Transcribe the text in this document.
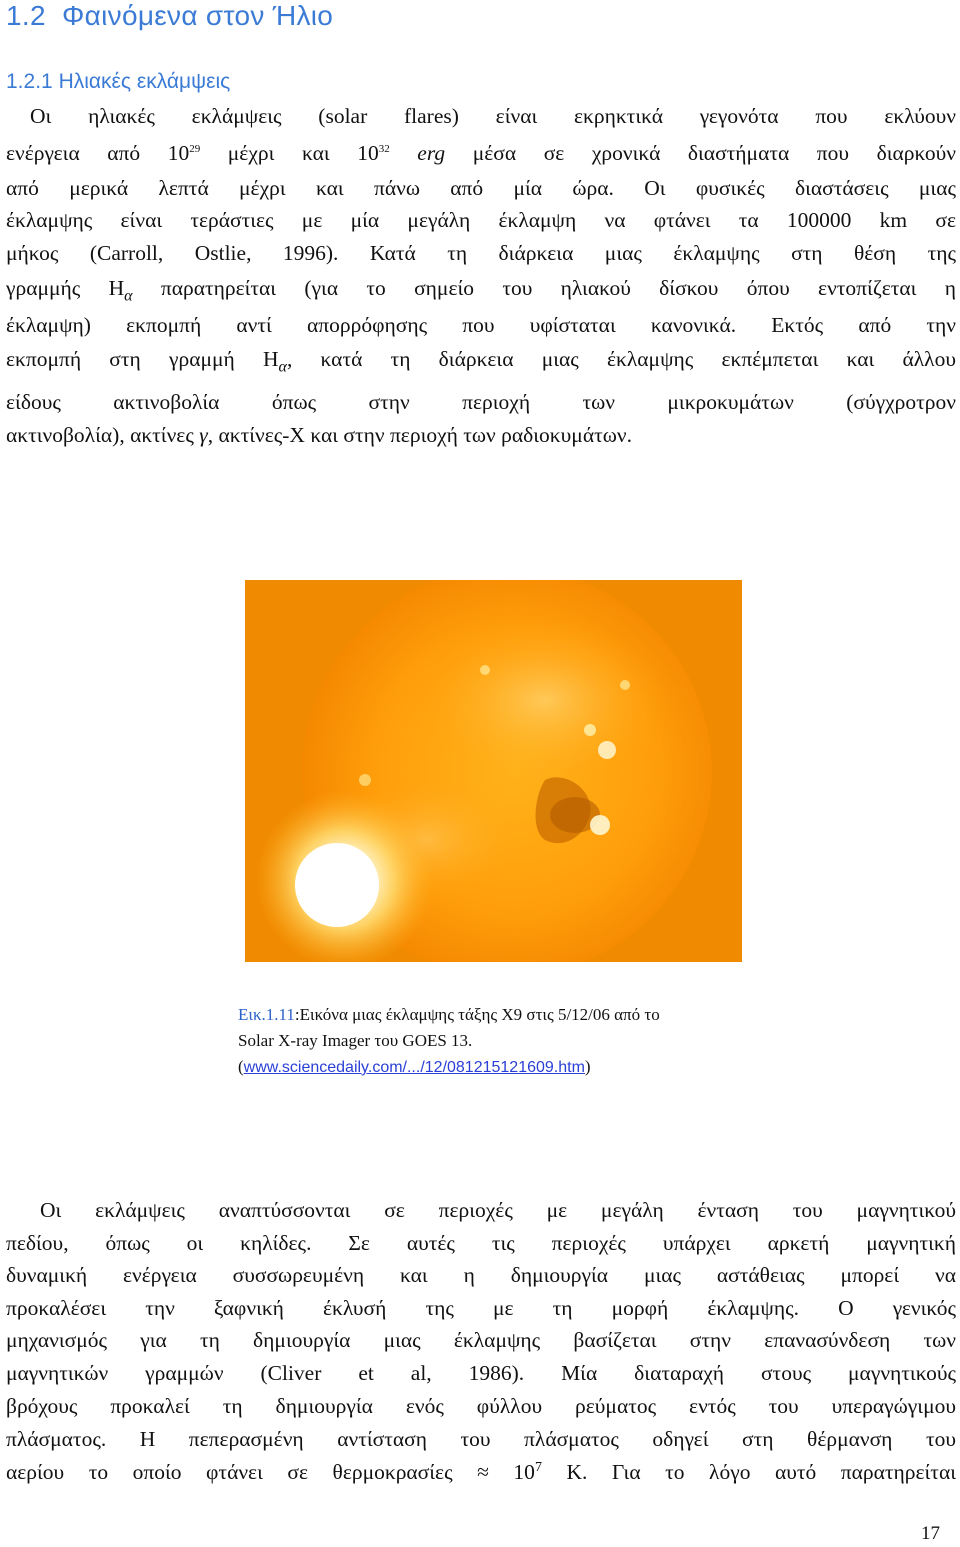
1.2 Φαινόμενα στον Ήλιο
1.2.1 Ηλιακές εκλάμψεις
Οι ηλιακές εκλάμψεις (solar flares) είναι εκρηκτικά γεγονότα που εκλύουν
ενέργεια από $10^{29}$ μέχρι και $10^{32}$ erg μέσα σε χρονικά διαστήματα που διαρκούν
από μερικά λεπτά μέχρι και πάνω από μία ώρα. Οι φυσικές διαστάσεις μιας
έκλαμψης είναι τεράστιες με μία μεγάλη έκλαμψη να φτάνει τα 100000 km σε
μήκος (Carroll, Ostlie, 1996). Κατά τη διάρκεια μιας έκλαμψης στη θέση της
γραμμής $H_\alpha$ παρατηρείται (για το σημείο του ηλιακού δίσκου όπου εντοπίζεται η
έκλαμψη) εκπομπή αντί απορρόφησης που υφίσταται κανονικά. Εκτός από την
εκπομπή στη γραμμή $H_\alpha$, κατά τη διάρκεια μιας έκλαμψης εκπέμπεται και άλλου
είδους ακτινοβολία όπως στην περιοχή των μικροκυμάτων (σύγχροτρον
ακτινοβολία), ακτίνες γ, ακτίνες-Χ και στην περιοχή των ραδιοκυμάτων.
Εικ.1.11:Εικόνα μιας έκλαμψης τάξης Χ9 στις 5/12/06 από το
Solar X-ray Imager του GOES 13.
(www.sciencedaily.com/.../12/081215121609.htm)
Οι εκλάμψεις αναπτύσσονται σε περιοχές με μεγάλη ένταση του μαγνητικού
πεδίου, όπως οι κηλίδες. Σε αυτές τις περιοχές υπάρχει αρκετή μαγνητική
δυναμική ενέργεια συσσωρευμένη και η δημιουργία μιας αστάθειας μπορεί να
προκαλέσει την ξαφνική έκλυσή της με τη μορφή έκλαμψης. Ο γενικός
μηχανισμός για τη δημιουργία μιας έκλαμψης βασίζεται στην επανασύνδεση των
μαγνητικών γραμμών (Cliver et al, 1986). Μία διαταραχή στους μαγνητικούς
βρόχους προκαλεί τη δημιουργία ενός φύλλου ρεύματος εντός του υπεραγώγιμου
πλάσματος. Η πεπερασμένη αντίσταση του πλάσματος οδηγεί στη θέρμανση του
αερίου το οποίο φτάνει σε $\theta\varepsilon\rho\mu o\kappa\rho\alpha\sigma ί\varepsilon\varsigma \approx 10^7$ K. Για το λόγο αυτό παρατηρείται
17
